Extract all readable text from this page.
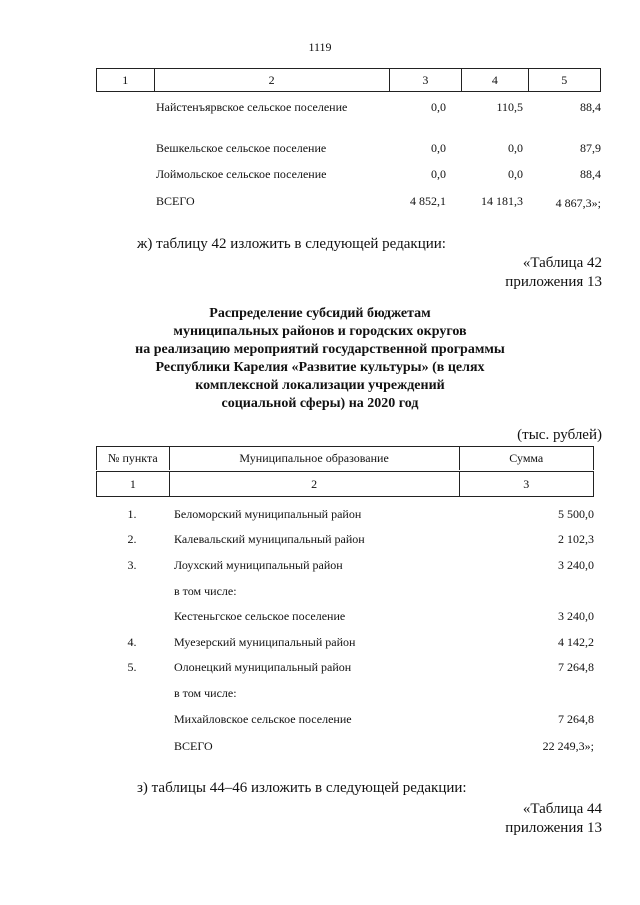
1119
1	2	3	4	5
Найстенъярвское сельское поселение	0,0	110,5	88,4
Вешкельское сельское поселение	0,0	0,0	87,9
Лоймольское сельское поселение	0,0	0,0	88,4
ВСЕГО	4 852,1	14 181,3	4 867,3»;
ж) таблицу 42 изложить в следующей редакции:
«Таблица 42
приложения 13
Распределение субсидий бюджетам
муниципальных районов и городских округов
на реализацию мероприятий государственной программы
Республики Карелия «Развитие культуры» (в целях
комплексной локализации учреждений
социальной сферы) на 2020 год
(тыс. рублей)
№ пункта	Муниципальное образование	Сумма
1	2	3
1.	Беломорский муниципальный район	5 500,0
2.	Калевальский муниципальный район	2 102,3
3.	Лоухский муниципальный район	3 240,0
в том числе:
Кестеньгское сельское поселение	3 240,0
4.	Муезерский муниципальный район	4 142,2
5.	Олонецкий муниципальный район	7 264,8
в том числе:
Михайловское сельское поселение	7 264,8
ВСЕГО	22 249,3»;
з) таблицы 44–46 изложить в следующей редакции:
«Таблица 44
приложения 13
